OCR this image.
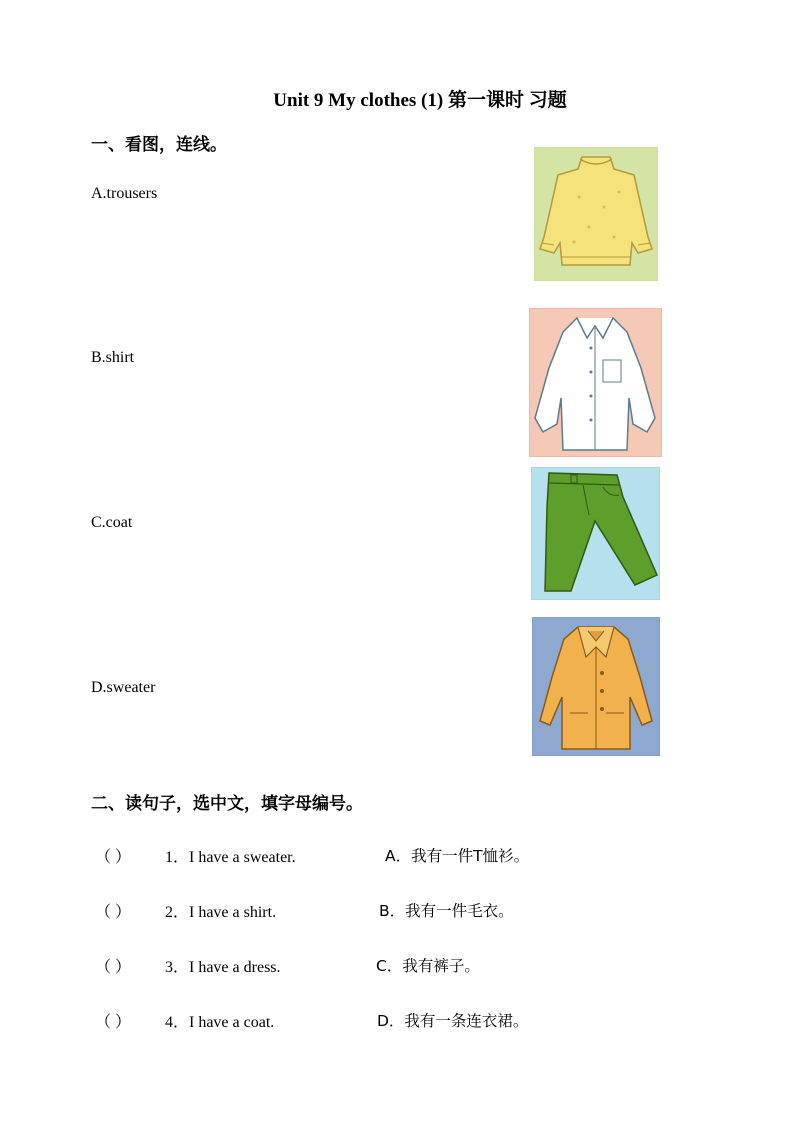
Unit 9 My clothes (1) 第一课时 习题
一、看图，连线。
A.trousers
B.shirt
C.coat
D.sweater
二、读句子，选中文，填字母编号。
（ ） 1．I have a sweater.	A．我有一件T恤衫。
（ ） 2．I have a shirt.	B．我有一件毛衣。
（ ） 3．I have a dress.	C．我有裤子。
（ ） 4．I have a coat.	D．我有一条连衣裙。
